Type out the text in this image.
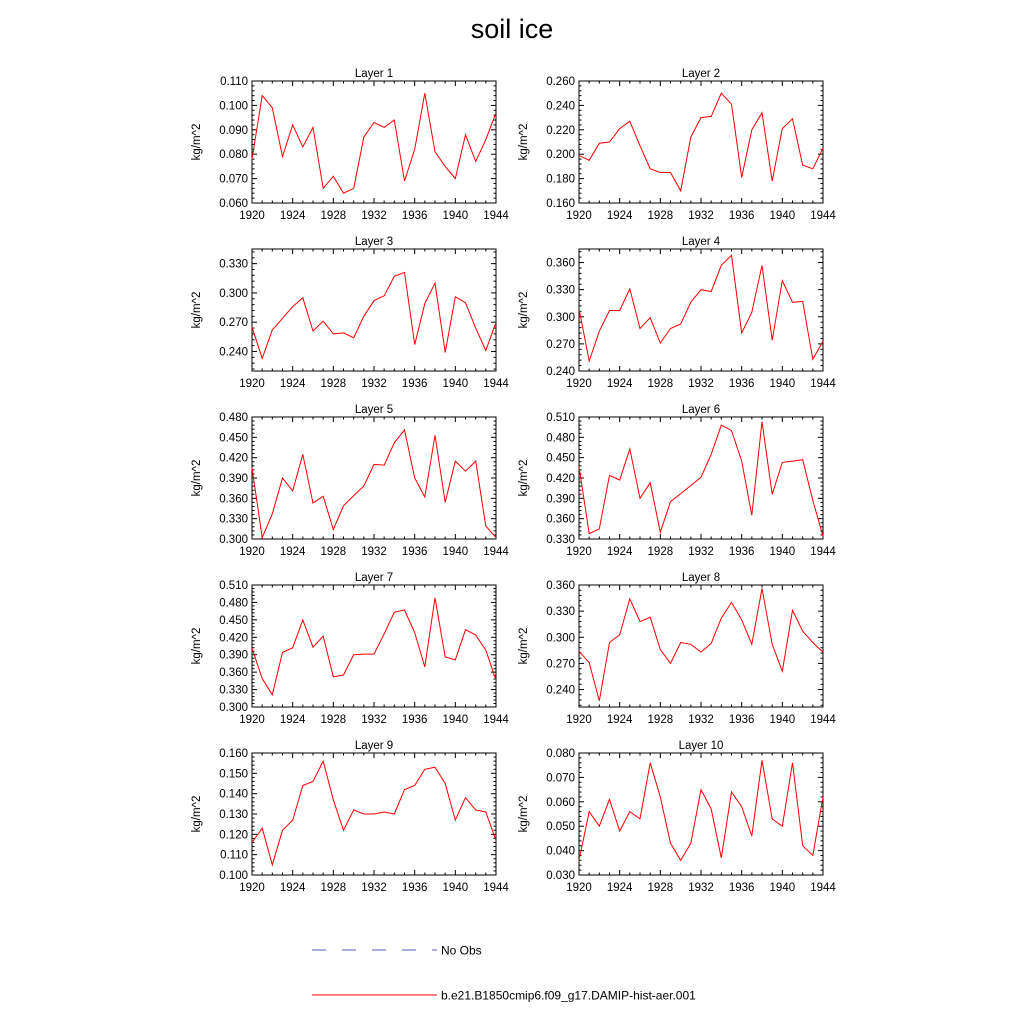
soil ice
Layer 1
kg/m^2
1920 1924 1928 1932 1936 1940 1944
0.060
0.070
0.080
0.090
0.100
0.110
Layer 2
kg/m^2
1920 1924 1928 1932 1936 1940 1944
0.160
0.180
0.200
0.220
0.240
0.260
Layer 3
kg/m^2
1920 1924 1928 1932 1936 1940 1944
0.240
0.270
0.300
0.330
Layer 4
kg/m^2
1920 1924 1928 1932 1936 1940 1944
0.240
0.270
0.300
0.330
0.360
Layer 5
kg/m^2
1920 1924 1928 1932 1936 1940 1944
0.300
0.330
0.360
0.390
0.420
0.450
0.480
Layer 6
kg/m^2
1920 1924 1928 1932 1936 1940 1944
0.330
0.360
0.390
0.420
0.450
0.480
0.510
Layer 7
kg/m^2
1920 1924 1928 1932 1936 1940 1944
0.300
0.330
0.360
0.390
0.420
0.450
0.480
0.510
Layer 8
kg/m^2
1920 1924 1928 1932 1936 1940 1944
0.240
0.270
0.300
0.330
0.360
Layer 9
kg/m^2
1920 1924 1928 1932 1936 1940 1944
0.100
0.110
0.120
0.130
0.140
0.150
0.160
Layer 10
kg/m^2
1920 1924 1928 1932 1936 1940 1944
0.030
0.040
0.050
0.060
0.070
0.080
No Obs
b.e21.B1850cmip6.f09_g17.DAMIP-hist-aer.001
